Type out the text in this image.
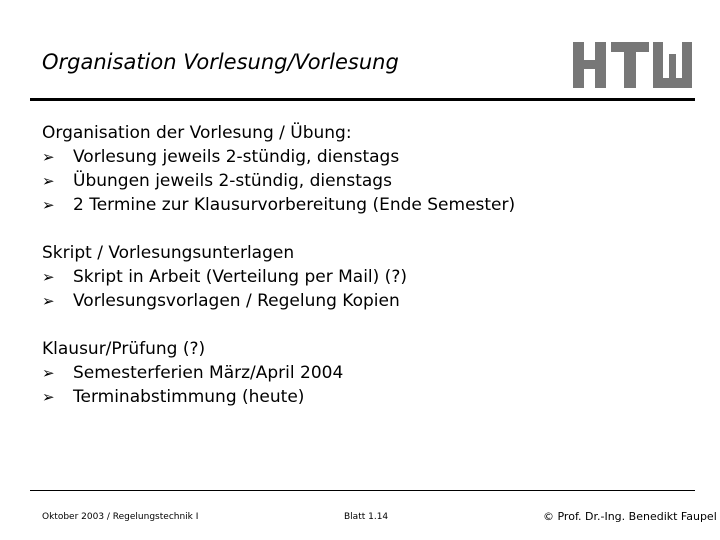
Organisation Vorlesung/Vorlesung
Organisation der Vorlesung / Übung:
➢	Vorlesung jeweils 2-stündig, dienstags
➢	Übungen jeweils 2-stündig, dienstags
➢	2 Termine zur Klausurvorbereitung (Ende Semester)
Skript / Vorlesungsunterlagen
➢	Skript in Arbeit (Verteilung per Mail) (?)
➢	Vorlesungsvorlagen / Regelung Kopien
Klausur/Prüfung (?)
➢	Semesterferien März/April 2004
➢	Terminabstimmung (heute)
Oktober 2003 / Regelungstechnik I	Blatt 1.14	© Prof. Dr.-Ing. Benedikt Faupel
